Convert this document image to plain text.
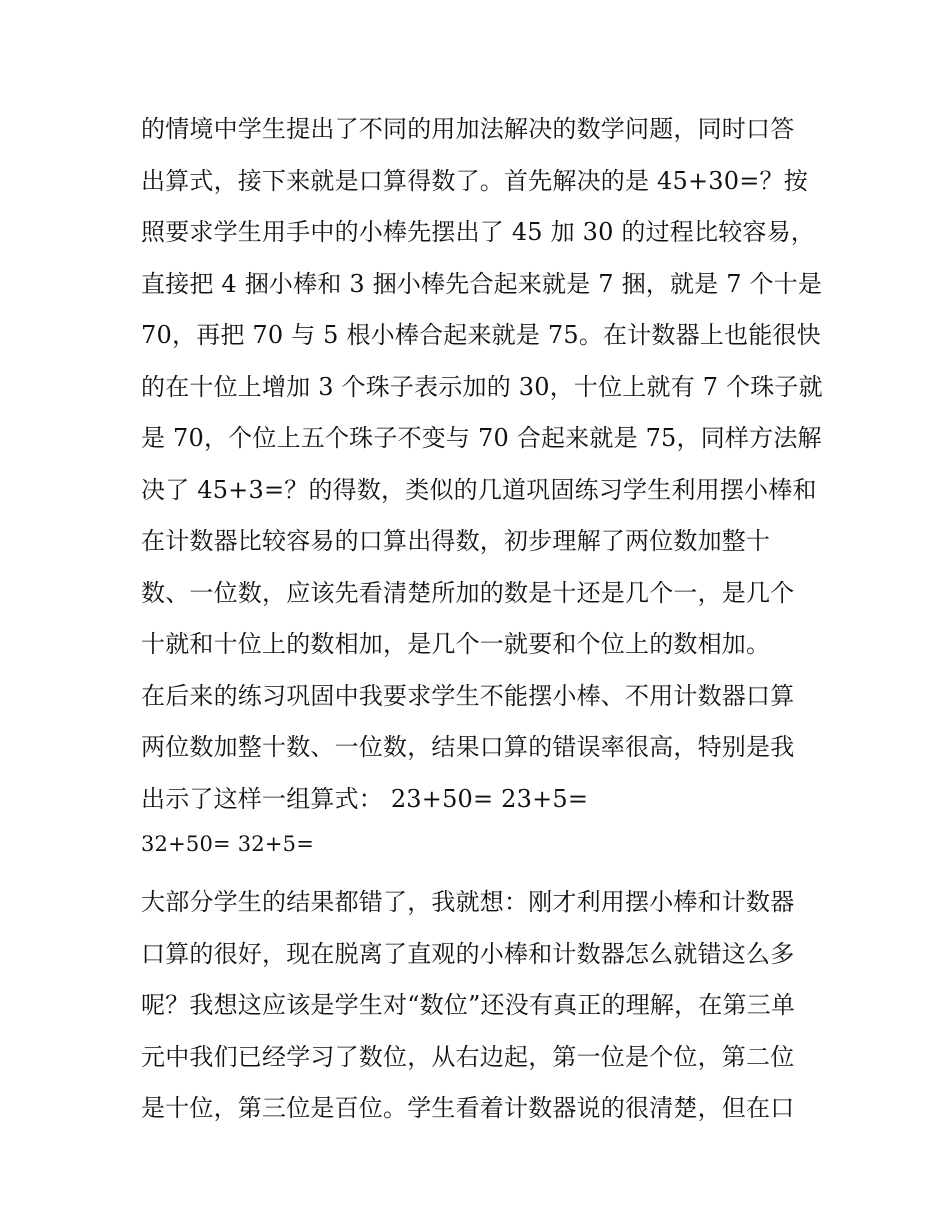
的情境中学生提出了不同的用加法解决的数学问题，同时口答
出算式，接下来就是口算得数了。首先解决的是 45+30=？按
照要求学生用手中的小棒先摆出了 45 加 30 的过程比较容易，
直接把 4 捆小棒和 3 捆小棒先合起来就是 7 捆，就是 7 个十是
70，再把 70 与 5 根小棒合起来就是 75。在计数器上也能很快
的在十位上增加 3 个珠子表示加的 30，十位上就有 7 个珠子就
是 70，个位上五个珠子不变与 70 合起来就是 75，同样方法解
决了 45+3=？的得数，类似的几道巩固练习学生利用摆小棒和
在计数器比较容易的口算出得数，初步理解了两位数加整十
数、一位数，应该先看清楚所加的数是十还是几个一，是几个
十就和十位上的数相加，是几个一就要和个位上的数相加。
在后来的练习巩固中我要求学生不能摆小棒、不用计数器口算
两位数加整十数、一位数，结果口算的错误率很高，特别是我
出示了这样一组算式： 23+50= 23+5=
32+50= 32+5=
大部分学生的结果都错了，我就想：刚才利用摆小棒和计数器
口算的很好，现在脱离了直观的小棒和计数器怎么就错这么多
呢？我想这应该是学生对“数位”还没有真正的理解，在第三单
元中我们已经学习了数位，从右边起，第一位是个位，第二位
是十位，第三位是百位。学生看着计数器说的很清楚，但在口
